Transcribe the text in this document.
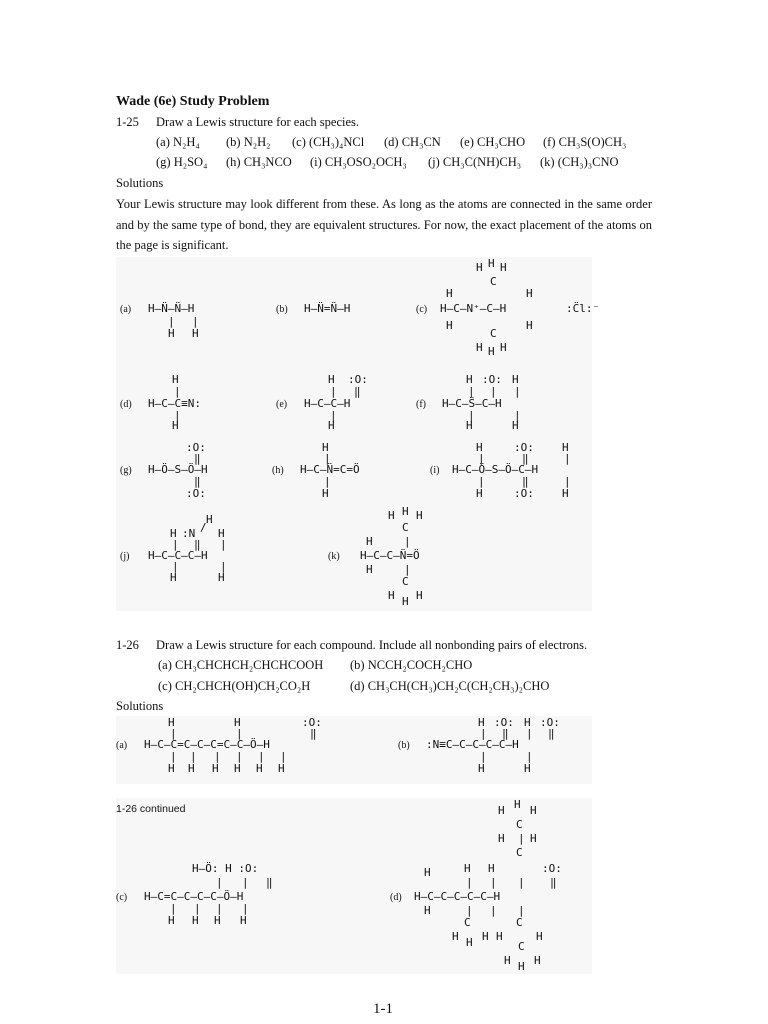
Wade (6e) Study Problem
1-25 Draw a Lewis structure for each species.
(a) N₂H₄ (b) N₂H₂ (c) (CH₃)₄NCl (d) CH₃CN (e) CH₃CHO (f) CH₃S(O)CH₃
(g) H₂SO₄ (h) CH₃NCO (i) CH₃OSO₂OCH₃ (j) CH₃C(NH)CH₃ (k) (CH₃)₃CNO
Solutions
Your Lewis structure may look different from these. As long as the atoms are connected in the same order and by the same type of bond, they are equivalent structures. For now, the exact placement of the atoms on the page is significant.
(a) H–N̈–N̈–H
| |
H H
(b) H–N̈=N̈–H	(c)
H H H
C
H	H
H–C–N⁺–C–H
H	H
C
H H H
:C̈l:⁻
(d)
H
|
H–C–C≡N:
|
H
(e)
H :O:
| ‖
H–C–C–H
|
H
(f)
H :O: H
| | |
H–C–S̈–C–H
|	|
H	H
(g)
:O:
‖
H–Ö–S–Ö–H
‖
:O:
(h)
H
|
H–C–N̈=C=Ö
|
H
(i)
H	:O:	H
|	‖	|
H–C–Ö–S–Ö–C–H
|	‖	|
H	:O:	H
(j)
H
/
H :N H
| ‖ |
H–C–C–C–H
|	|
H	H
(k)
H H H
C
H	|
H–C–C–N̈=Ö
H	|
C
H H H
1-26 Draw a Lewis structure for each compound. Include all nonbonding pairs of electrons.
(a) CH₃CHCHCH₂CHCHCOOH (b) NCCH₂COCH₂CHO
(c) CH₂CHCH(OH)CH₂CO₂H	(d) CH₃CH(CH₃)CH₂C(CH₂CH₃)₂CHO
Solutions
(a)
H	H	:O:
|	|	‖
H–C–C=C–C–C=C–C–Ö–H
| | | | | |
H H H H H H
(b)
H :O: H :O:
| ‖ | ‖
:N≡C–C–C–C–C–H
|	|
H	H
1-26 continued
(c)
H–Ö: H :O:
| | ‖
H–C=C–C–C–C–Ö–H
| | | |
H H H H
(d)
H H H
C
H | H
C
H H	:O:
H
| | | ‖
H–C–C–C–C–C–H
H	| | |
C	C
H H H H
C
H
H H H
1-1
